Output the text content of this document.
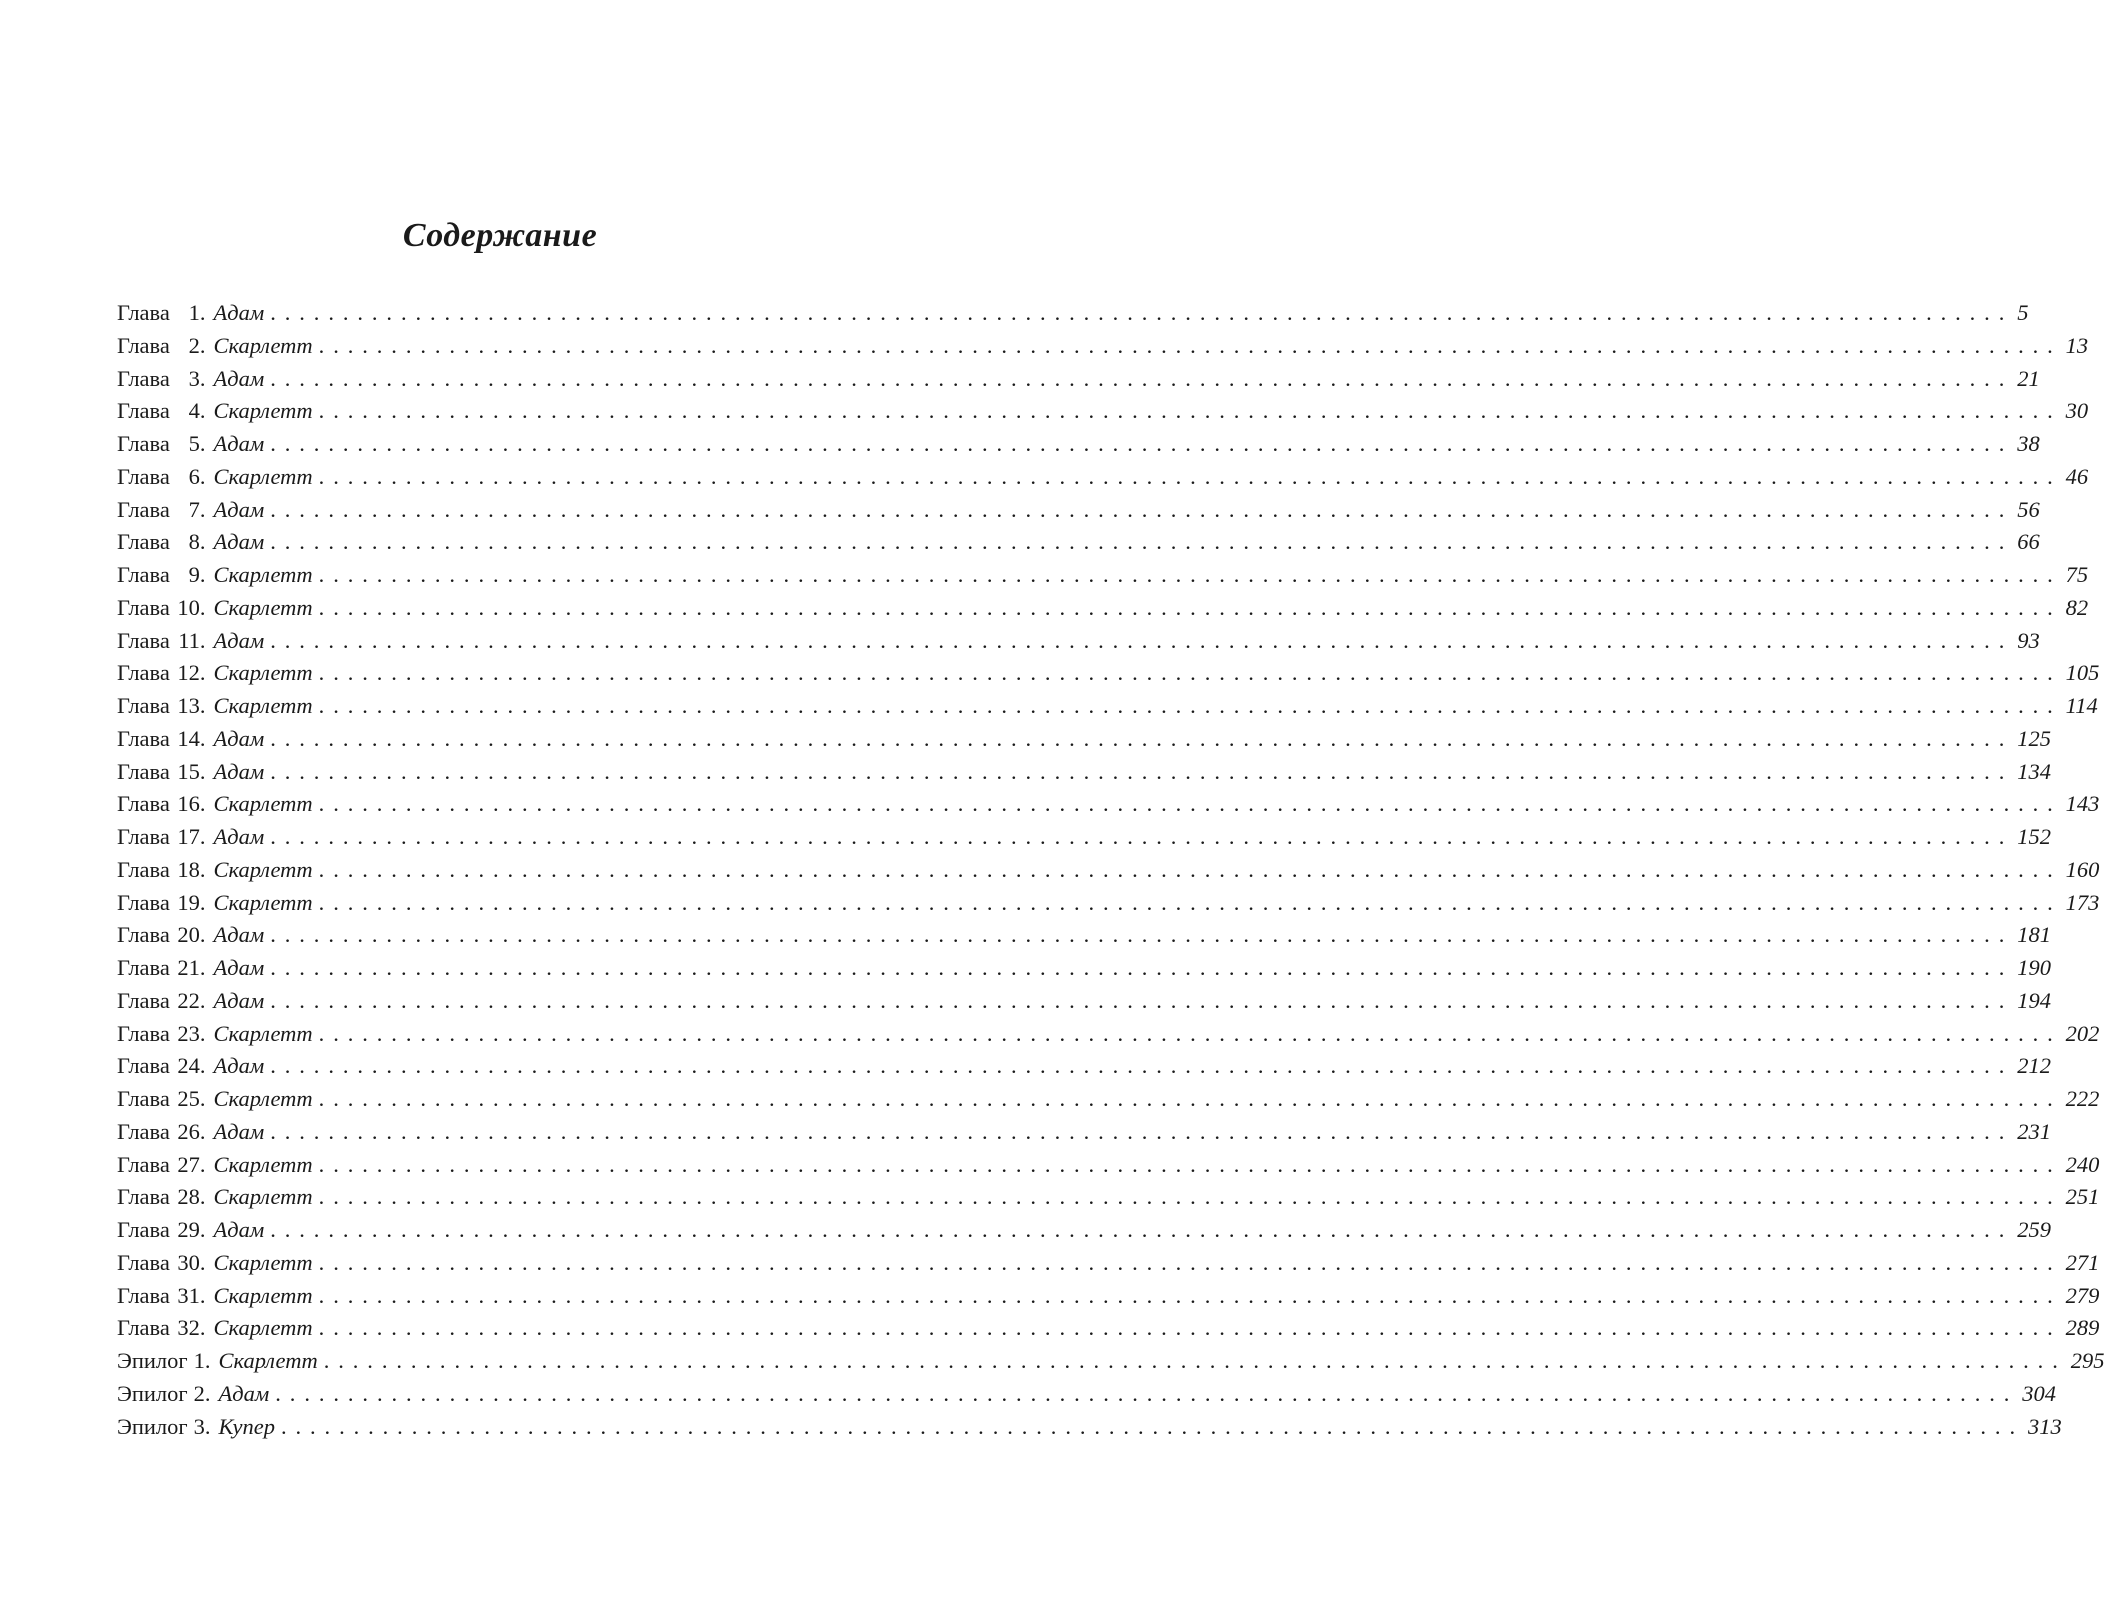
Содержание
Глава 1 . Адам ........................................................................................................................ 5
Глава 2 . Скарлетт ........................................................................................................................ 13
Глава 3 . Адам ........................................................................................................................ 21
Глава 4 . Скарлетт ........................................................................................................................ 30
Глава 5 . Адам ........................................................................................................................ 38
Глава 6 . Скарлетт ........................................................................................................................ 46
Глава 7 . Адам ........................................................................................................................ 56
Глава 8 . Адам ........................................................................................................................ 66
Глава 9 . Скарлетт ........................................................................................................................ 75
Глава 10 . Скарлетт ........................................................................................................................ 82
Глава 11 . Адам ........................................................................................................................ 93
Глава 12 . Скарлетт ........................................................................................................................ 105
Глава 13 . Скарлетт ........................................................................................................................ 114
Глава 14 . Адам ........................................................................................................................ 125
Глава 15 . Адам ........................................................................................................................ 134
Глава 16 . Скарлетт ........................................................................................................................ 143
Глава 17 . Адам ........................................................................................................................ 152
Глава 18 . Скарлетт ........................................................................................................................ 160
Глава 19 . Скарлетт ........................................................................................................................ 173
Глава 20 . Адам ........................................................................................................................ 181
Глава 21 . Адам ........................................................................................................................ 190
Глава 22 . Адам ........................................................................................................................ 194
Глава 23 . Скарлетт ........................................................................................................................ 202
Глава 24 . Адам ........................................................................................................................ 212
Глава 25 . Скарлетт ........................................................................................................................ 222
Глава 26 . Адам ........................................................................................................................ 231
Глава 27 . Скарлетт ........................................................................................................................ 240
Глава 28 . Скарлетт ........................................................................................................................ 251
Глава 29 . Адам ........................................................................................................................ 259
Глава 30 . Скарлетт ........................................................................................................................ 271
Глава 31 . Скарлетт ........................................................................................................................ 279
Глава 32 . Скарлетт ........................................................................................................................ 289
Эпилог 1 . Скарлетт ........................................................................................................................ 295
Эпилог 2 . Адам ........................................................................................................................ 304
Эпилог 3 . Купер ........................................................................................................................ 313
